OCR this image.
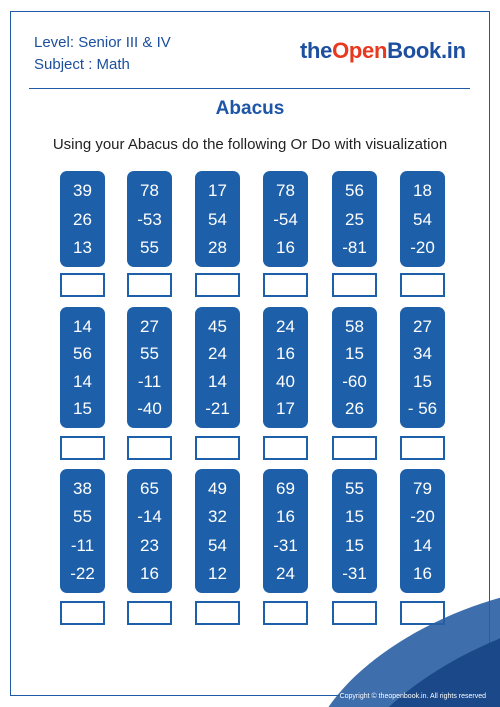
Level: Senior III & IV
Subject : Math
theOpenBook.in
Abacus
Using your Abacus do the following Or Do with visualization
39
26
13
78
-53
55
17
54
28
78
-54
16
56
25
-81
18
54
-20
14
56
14
15
27
55
-11
-40
45
24
14
-21
24
16
40
17
58
15
-60
26
27
34
15
- 56
38
55
-11
-22
65
-14
23
16
49
32
54
12
69
16
-31
24
55
15
15
-31
79
-20
14
16
Copyright © theopenbook.in. All rights reserved
